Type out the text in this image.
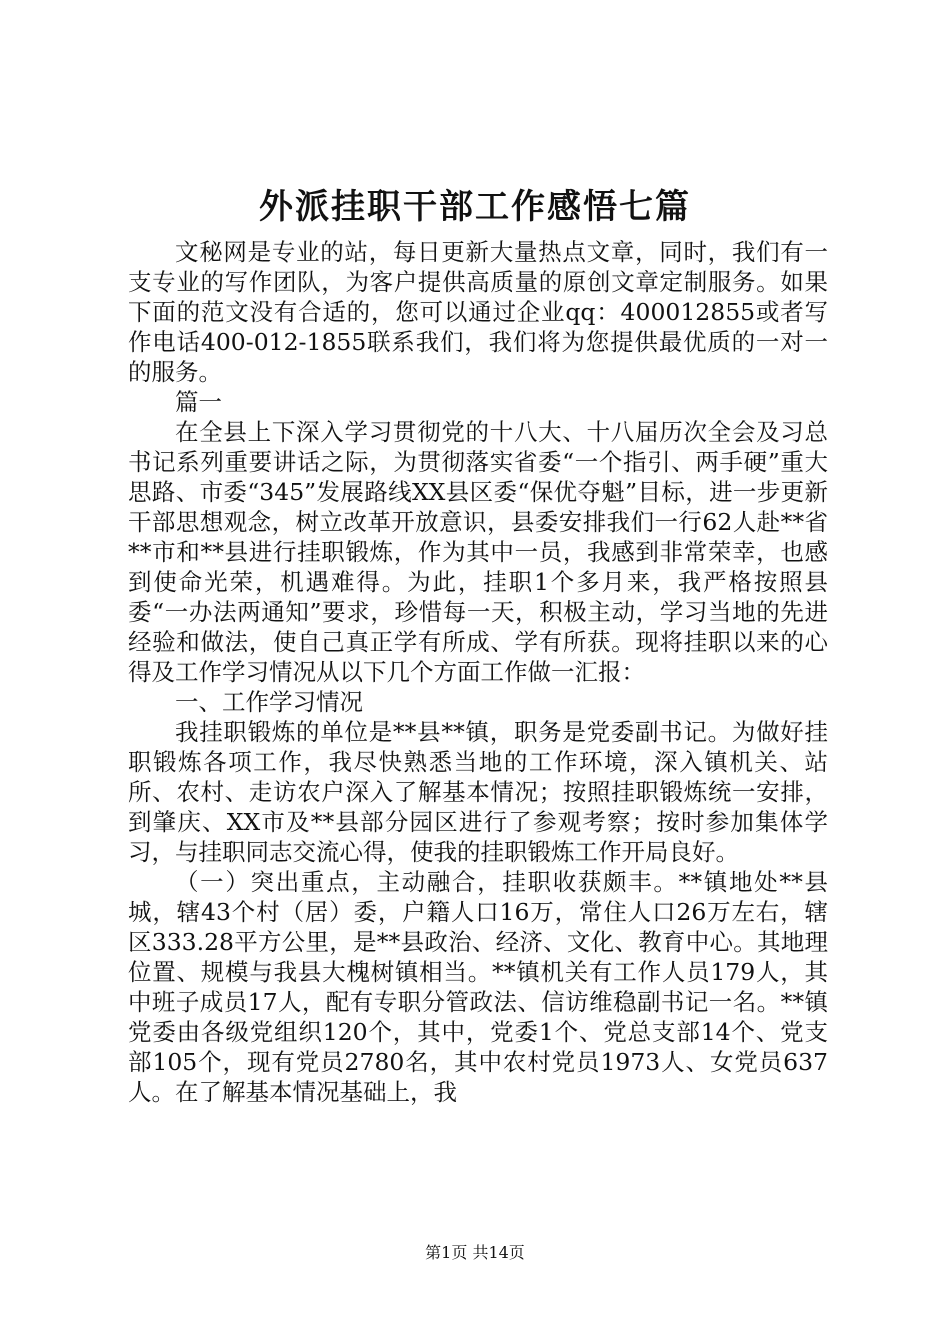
外派挂职干部工作感悟七篇

文秘网是专业的站，每日更新大量热点文章，同时，我们有一支专业的写作团队，为客户提供高质量的原创文章定制服务。如果下面的范文没有合适的，您可以通过企业qq：400012855或者写作电话400-012-1855联系我们，我们将为您提供最优质的一对一的服务。

篇一

在全县上下深入学习贯彻党的十八大、十八届历次全会及习总书记系列重要讲话之际，为贯彻落实省委“一个指引、两手硬”重大思路、市委“345”发展路线XX县区委“保优夺魁”目标，进一步更新干部思想观念，树立改革开放意识，县委安排我们一行62人赴**省**市和**县进行挂职锻炼，作为其中一员，我感到非常荣幸，也感到使命光荣，机遇难得。为此，挂职1个多月来，我严格按照县委“一办法两通知”要求，珍惜每一天，积极主动，学习当地的先进经验和做法，使自己真正学有所成、学有所获。现将挂职以来的心得及工作学习情况从以下几个方面工作做一汇报：

一、工作学习情况

我挂职锻炼的单位是**县**镇，职务是党委副书记。为做好挂职锻炼各项工作，我尽快熟悉当地的工作环境，深入镇机关、站所、农村、走访农户深入了解基本情况；按照挂职锻炼统一安排，到肇庆、XX市及**县部分园区进行了参观考察；按时参加集体学习，与挂职同志交流心得，使我的挂职锻炼工作开局良好。

（一）突出重点，主动融合，挂职收获颇丰。**镇地处**县城，辖43个村（居）委，户籍人口16万，常住人口26万左右，辖区333.28平方公里，是**县政治、经济、文化、教育中心。其地理位置、规模与我县大槐树镇相当。**镇机关有工作人员179人，其中班子成员17人，配有专职分管政法、信访维稳副书记一名。**镇党委由各级党组织120个，其中，党委1个、党总支部14个、党支部105个，现有党员2780名，其中农村党员1973人、女党员637人。在了解基本情况基础上，我

第1页 共14页
